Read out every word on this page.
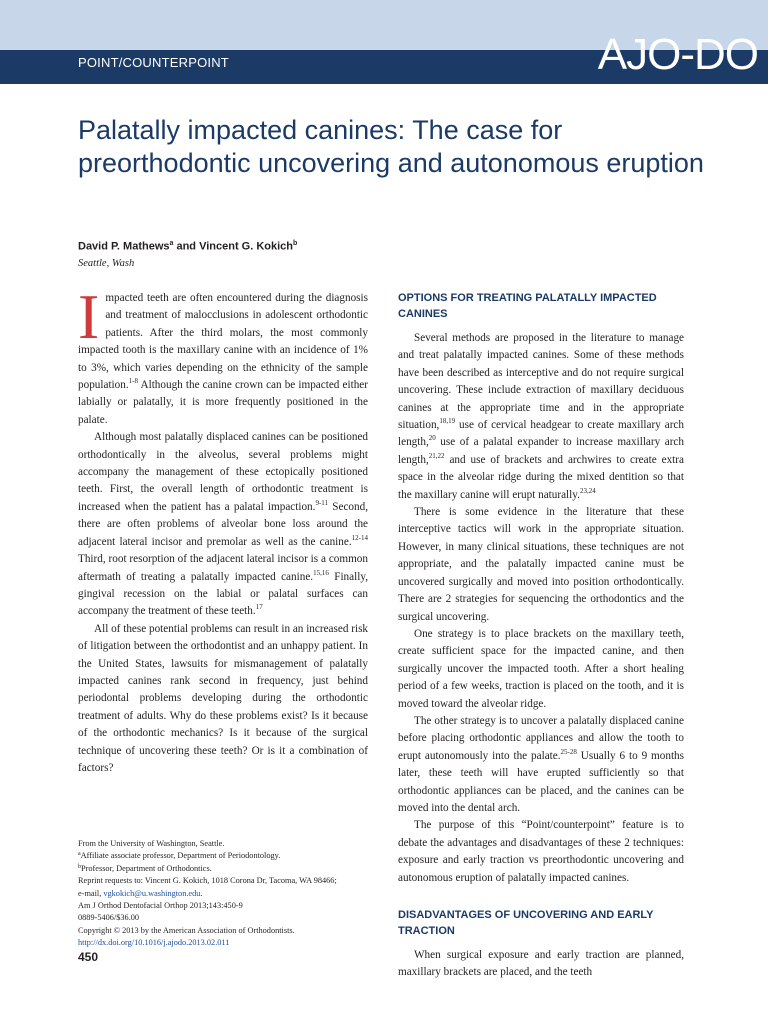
POINT/COUNTERPOINT	AJO-DO
Palatally impacted canines: The case for preorthodontic uncovering and autonomous eruption
David P. Mathews$^a$ and Vincent G. Kokich$^b$
Seattle, Wash

Impacted teeth are often encountered during the diagnosis and treatment of malocclusions in adolescent orthodontic patients. After the third molars, the most commonly impacted tooth is the maxillary canine with an incidence of 1% to 3%, which varies depending on the ethnicity of the sample population.$^{1-8}$ Although the canine crown can be impacted either labially or palatally, it is more frequently positioned in the palate.

Although most palatally displaced canines can be positioned orthodontically in the alveolus, several problems might accompany the management of these ectopically positioned teeth. First, the overall length of orthodontic treatment is increased when the patient has a palatal impaction.$^{9-11}$ Second, there are often problems of alveolar bone loss around the adjacent lateral incisor and premolar as well as the canine.$^{12-14}$ Third, root resorption of the adjacent lateral incisor is a common aftermath of treating a palatally impacted canine.$^{15,16}$ Finally, gingival recession on the labial or palatal surfaces can accompany the treatment of these teeth.$^{17}$

All of these potential problems can result in an increased risk of litigation between the orthodontist and an unhappy patient. In the United States, lawsuits for mismanagement of palatally impacted canines rank second in frequency, just behind periodontal problems developing during the orthodontic treatment of adults. Why do these problems exist? Is it because of the orthodontic mechanics? Is it because of the surgical technique of uncovering these teeth? Or is it a combination of factors?

OPTIONS FOR TREATING PALATALLY IMPACTED CANINES

Several methods are proposed in the literature to manage and treat palatally impacted canines. Some of these methods have been described as interceptive and do not require surgical uncovering. These include extraction of maxillary deciduous canines at the appropriate time and in the appropriate situation,$^{18,19}$ use of cervical headgear to create maxillary arch length,$^{20}$ use of a palatal expander to increase maxillary arch length,$^{21,22}$ and use of brackets and archwires to create extra space in the alveolar ridge during the mixed dentition so that the maxillary canine will erupt naturally.$^{23,24}$

There is some evidence in the literature that these interceptive tactics will work in the appropriate situation. However, in many clinical situations, these techniques are not appropriate, and the palatally impacted canine must be uncovered surgically and moved into position orthodontically. There are 2 strategies for sequencing the orthodontics and the surgical uncovering.

One strategy is to place brackets on the maxillary teeth, create sufficient space for the impacted canine, and then surgically uncover the impacted tooth. After a short healing period of a few weeks, traction is placed on the tooth, and it is moved toward the alveolar ridge.

The other strategy is to uncover a palatally displaced canine before placing orthodontic appliances and allow the tooth to erupt autonomously into the palate.$^{25-28}$ Usually 6 to 9 months later, these teeth will have erupted sufficiently so that orthodontic appliances can be placed, and the canines can be moved into the dental arch.

The purpose of this “Point/counterpoint” feature is to debate the advantages and disadvantages of these 2 techniques: exposure and early traction vs preorthodontic uncovering and autonomous eruption of palatally impacted canines.

DISADVANTAGES OF UNCOVERING AND EARLY TRACTION

When surgical exposure and early traction are planned, maxillary brackets are placed, and the teeth

From the University of Washington, Seattle.
$^a$Affiliate associate professor, Department of Periodontology.
$^b$Professor, Department of Orthodontics.
Reprint requests to: Vincent G. Kokich, 1018 Corona Dr, Tacoma, WA 98466;
e-mail, vgkokich@u.washington.edu.
Am J Orthod Dentofacial Orthop 2013;143:450-9
0889-5406/$36.00
Copyright © 2013 by the American Association of Orthodontists.
http://dx.doi.org/10.1016/j.ajodo.2013.02.011
450
